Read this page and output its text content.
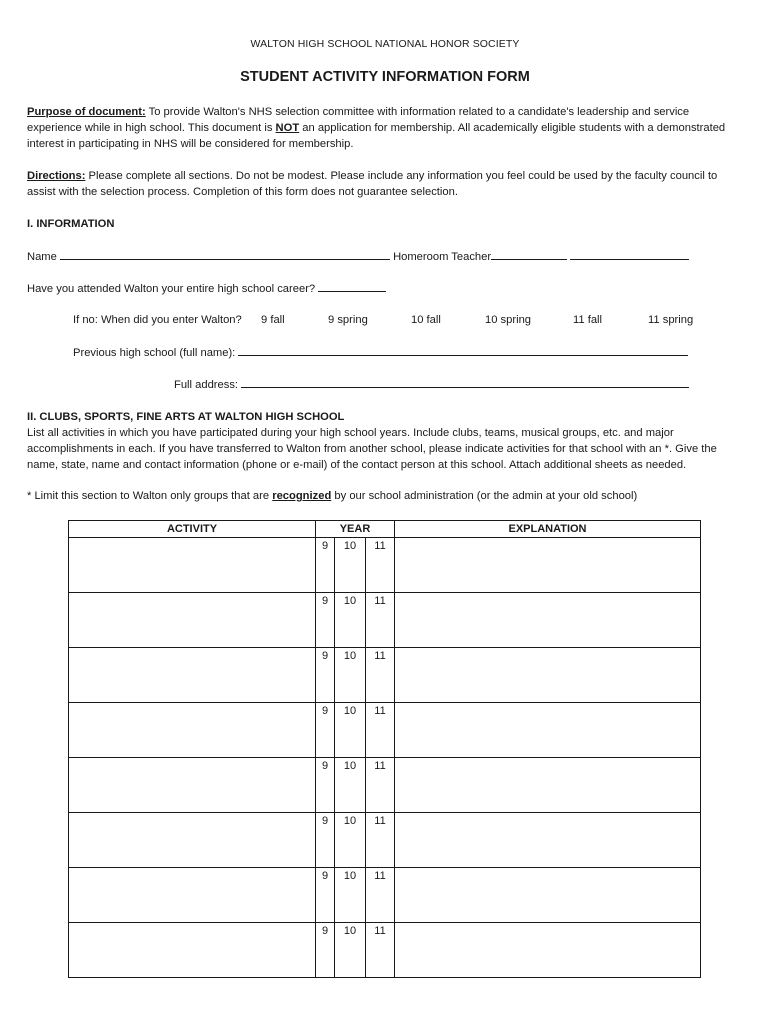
WALTON HIGH SCHOOL NATIONAL HONOR SOCIETY
STUDENT ACTIVITY INFORMATION FORM
Purpose of document: To provide Walton's NHS selection committee with information related to a candidate's leadership and service experience while in high school. This document is NOT an application for membership. All academically eligible students with a demonstrated interest in participating in NHS will be considered for membership.
Directions: Please complete all sections. Do not be modest. Please include any information you feel could be used by the faculty council to assist with the selection process. Completion of this form does not guarantee selection.
I. INFORMATION
Name	Homeroom Teacher
Have you attended Walton your entire high school career?
If no: When did you enter Walton? 9 fall	9 spring	10 fall	10 spring	11 fall	11 spring
Previous high school (full name):
Full address:
II. CLUBS, SPORTS, FINE ARTS AT WALTON HIGH SCHOOL
List all activities in which you have participated during your high school years. Include clubs, teams, musical groups, etc. and major accomplishments in each. If you have transferred to Walton from another school, please indicate activities for that school with an *. Give the name, state, name and contact information (phone or e-mail) of the contact person at this school. Attach additional sheets as needed.
* Limit this section to Walton only groups that are recognized by our school administration (or the admin at your old school)
ACTIVITY	YEAR			EXPLANATION
	9	10	11	
	9	10	11	
	9	10	11	
	9	10	11	
	9	10	11	
	9	10	11	
	9	10	11	
	9	10	11	
